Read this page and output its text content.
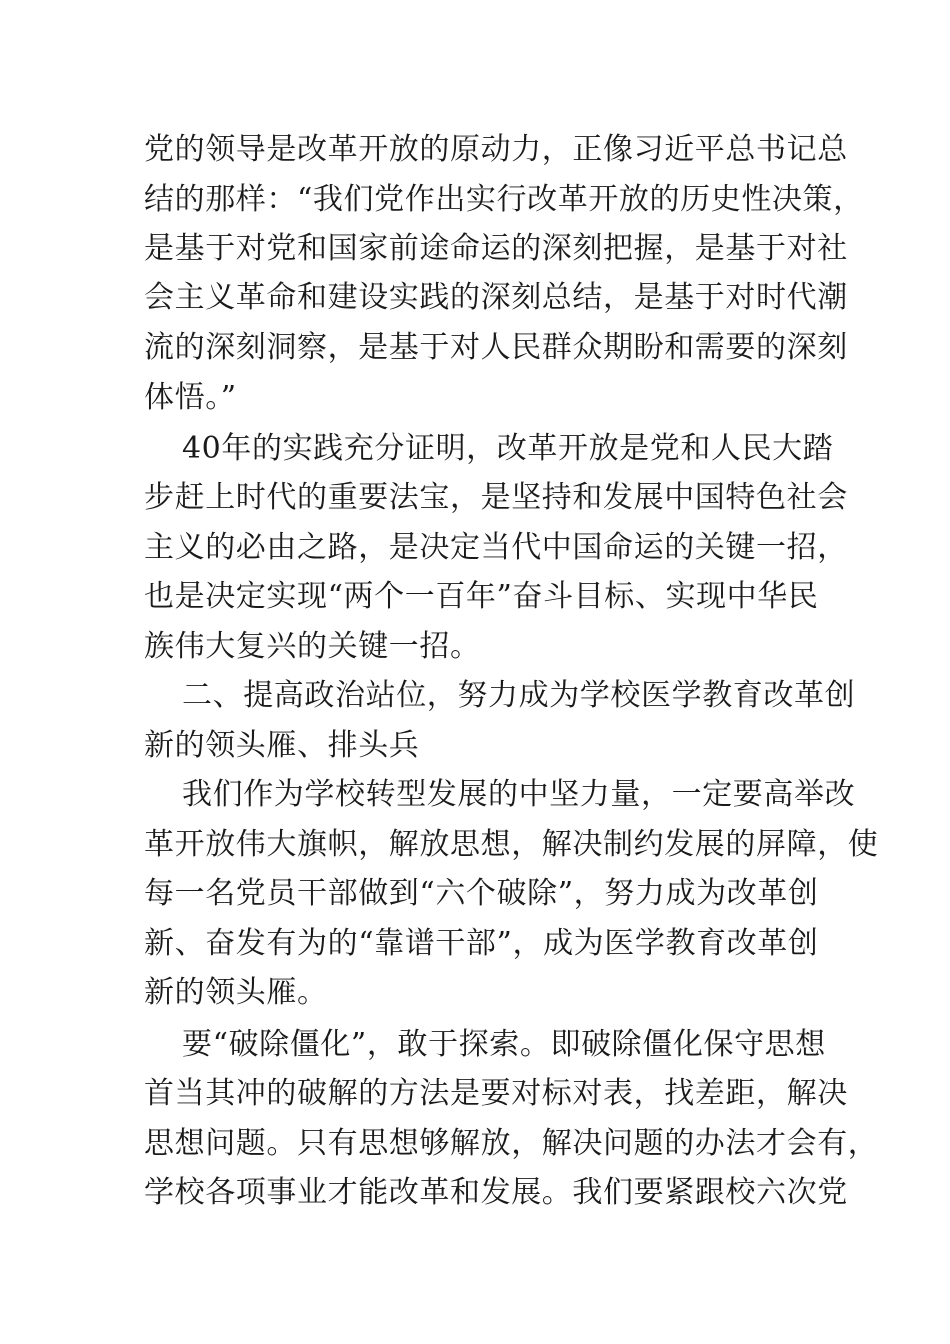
党的领导是改革开放的原动力，正像习近平总书记总
结的那样：“我们党作出实行改革开放的历史性决策，
是基于对党和国家前途命运的深刻把握，是基于对社
会主义革命和建设实践的深刻总结，是基于对时代潮
流的深刻洞察，是基于对人民群众期盼和需要的深刻
体悟。”
40年的实践充分证明，改革开放是党和人民大踏
步赶上时代的重要法宝，是坚持和发展中国特色社会
主义的必由之路，是决定当代中国命运的关键一招，
也是决定实现“两个一百年”奋斗目标、实现中华民
族伟大复兴的关键一招。
二、提高政治站位，努力成为学校医学教育改革创
新的领头雁、排头兵
我们作为学校转型发展的中坚力量，一定要高举改
革开放伟大旗帜，解放思想，解决制约发展的屏障，使
每一名党员干部做到“六个破除”，努力成为改革创
新、奋发有为的“靠谱干部”，成为医学教育改革创
新的领头雁。
要“破除僵化”，敢于探索。即破除僵化保守思想
首当其冲的破解的方法是要对标对表，找差距，解决
思想问题。只有思想够解放，解决问题的办法才会有，
学校各项事业才能改革和发展。我们要紧跟校六次党
